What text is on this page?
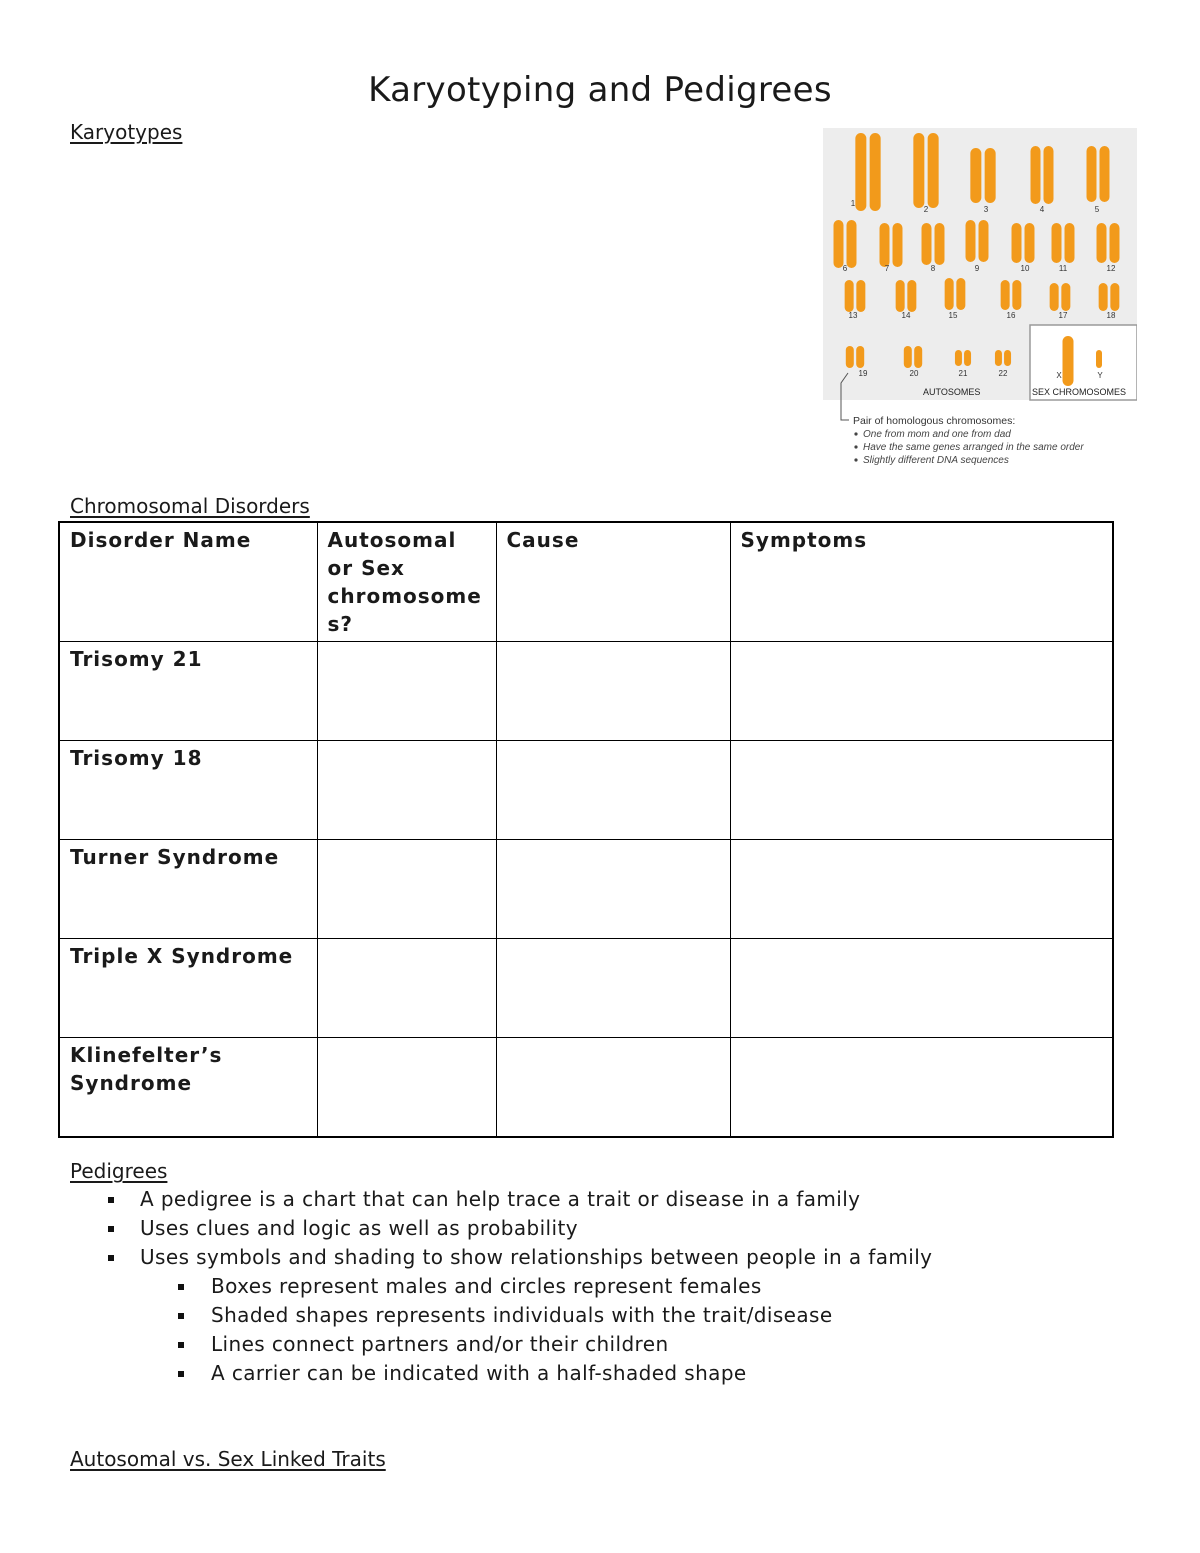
Karyotyping and Pedigrees
Karyotypes
1
2	3	4	5
6	7	8	9	10	11	12
13	14	15	16	17	18
19	20	21	22	X	Y
AUTOSOMES	SEX CHROMOSOMES
Pair of homologous chromosomes:
One from mom and one from dad
Have the same genes arranged in the same order
Slightly different DNA sequences
Chromosomal Disorders
Disorder Name	Autosomal or Sex chromosome s?	Cause	Symptoms
Trisomy 21			
Trisomy 18			
Turner Syndrome			
Triple X Syndrome			
Klinefelter’s Syndrome			
Pedigrees
A pedigree is a chart that can help trace a trait or disease in a family
Uses clues and logic as well as probability
Uses symbols and shading to show relationships between people in a family
Boxes represent males and circles represent females
Shaded shapes represents individuals with the trait/disease
Lines connect partners and/or their children
A carrier can be indicated with a half-shaded shape
Autosomal vs. Sex Linked Traits
